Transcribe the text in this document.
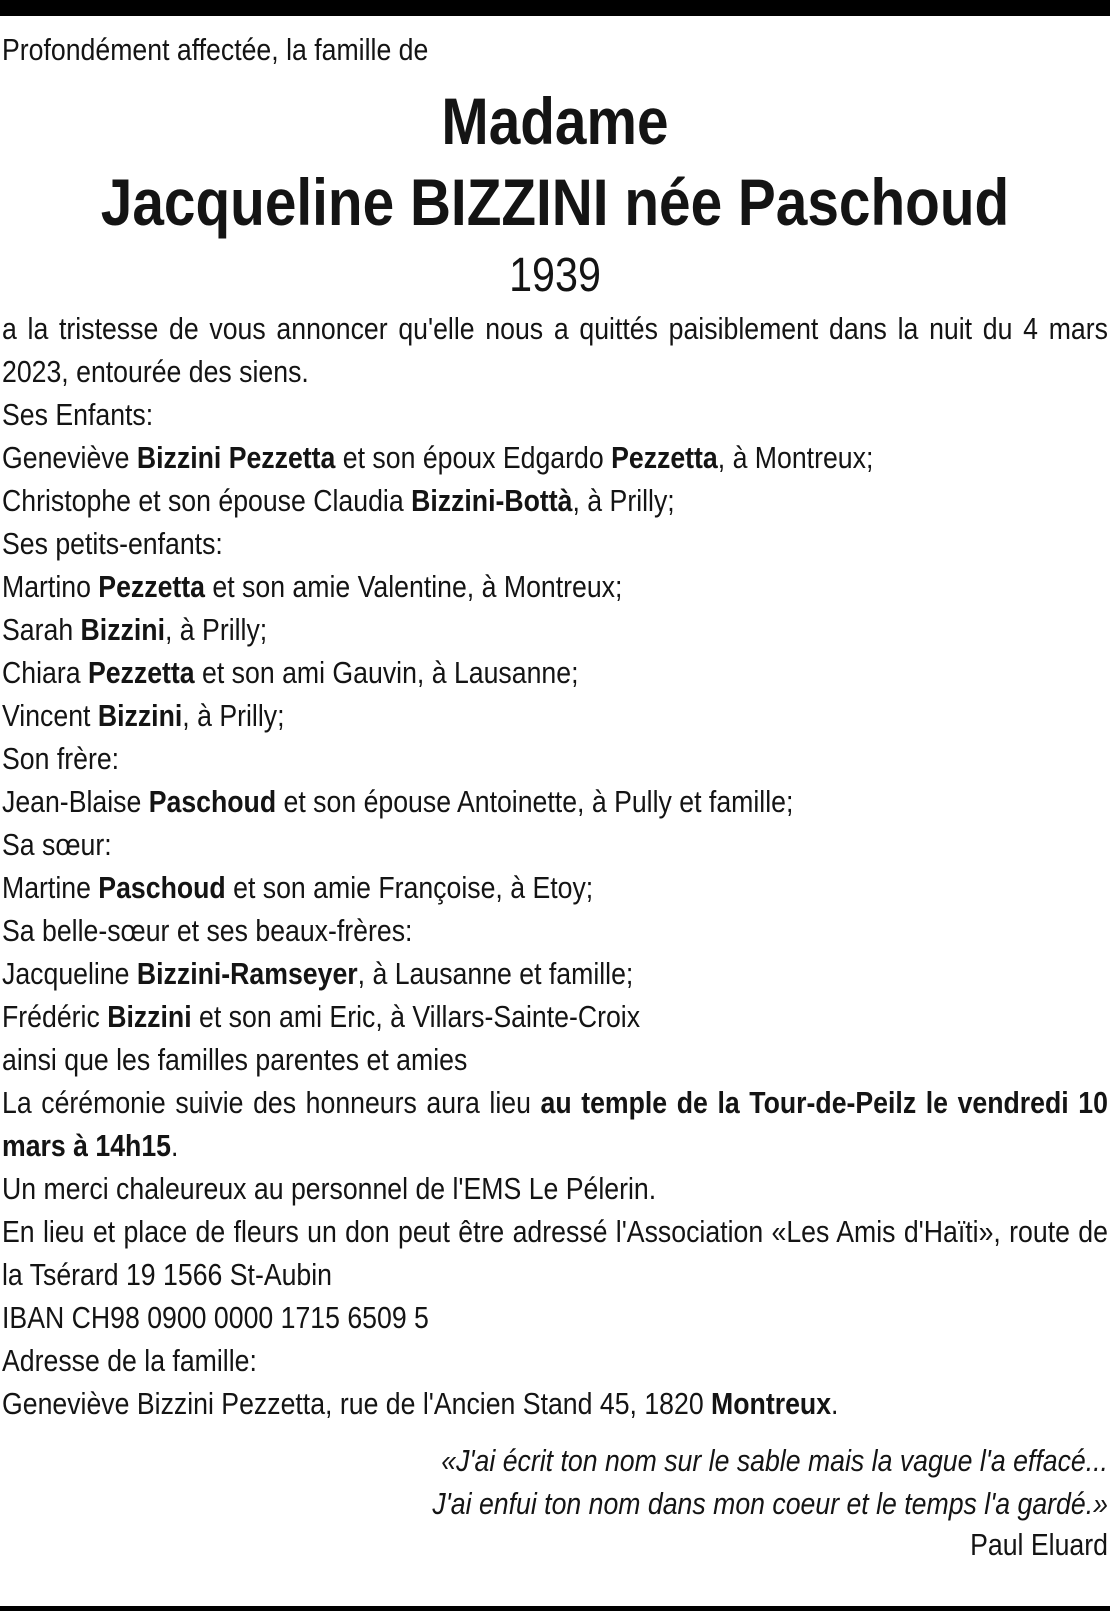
Profondément affectée, la famille de

Madame
Jacqueline BIZZINI née Paschoud
1939

a la tristesse de vous annoncer qu'elle nous a quittés paisiblement dans la nuit du 4 mars 2023, entourée des siens.

Ses Enfants:

Geneviève Bizzini Pezzetta et son époux Edgardo Pezzetta, à Montreux;

Christophe et son épouse Claudia Bizzini-Bottà, à Prilly;

Ses petits-enfants:

Martino Pezzetta et son amie Valentine, à Montreux;

Sarah Bizzini, à Prilly;

Chiara Pezzetta et son ami Gauvin, à Lausanne;

Vincent Bizzini, à Prilly;

Son frère:

Jean-Blaise Paschoud et son épouse Antoinette, à Pully et famille;

Sa sœur:

Martine Paschoud et son amie Françoise, à Etoy;

Sa belle-sœur et ses beaux-frères:

Jacqueline Bizzini-Ramseyer, à Lausanne et famille;

Frédéric Bizzini et son ami Eric, à Villars-Sainte-Croix

ainsi que les familles parentes et amies

La cérémonie suivie des honneurs aura lieu au temple de la Tour-de-Peilz le vendredi 10 mars à 14h15.

Un merci chaleureux au personnel de l'EMS Le Pélerin.

En lieu et place de fleurs un don peut être adressé l'Association «Les Amis d'Haïti», route de la Tsérard 19 1566 St-Aubin

IBAN CH98 0900 0000 1715 6509 5

Adresse de la famille:

Geneviève Bizzini Pezzetta, rue de l'Ancien Stand 45, 1820 Montreux.

«J'ai écrit ton nom sur le sable mais la vague l'a effacé...
J'ai enfui ton nom dans mon coeur et le temps l'a gardé.»
Paul Eluard
